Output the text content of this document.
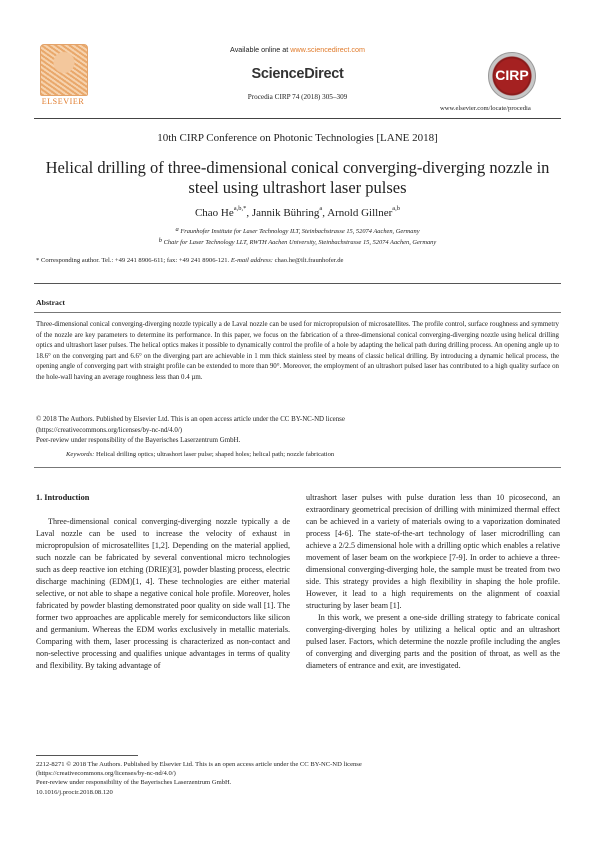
ELSEVIER
Available online at www.sciencedirect.com
ScienceDirect
Procedia CIRP 74 (2018) 305–309
CIRP
www.elsevier.com/locate/procedia
10th CIRP Conference on Photonic Technologies [LANE 2018]
Helical drilling of three-dimensional conical converging-diverging nozzle in steel using ultrashort laser pulses
Chao $He^{a,b,*}$, Jannik Bühring$^a$, Arnold Gillner$^{a,b}$
$^a$ Fraunhofer Institute for Laser Technology ILT, Steinbachstrasse 15, 52074 Aachen, Germany
$^b$ Chair for Laser Technology LLT, RWTH Aachen University, Steinbachstrasse 15, 52074 Aachen, Germany
* Corresponding author. Tel.: +49 241 8906-611; fax: +49 241 8906-121. E-mail address: chao.he@ilt.fraunhofer.de
Abstract
Three-dimensional conical converging-diverging nozzle typically a de Laval nozzle can be used for micropropulsion of microsatellites. The profile control, surface roughness and symmetry of the nozzle are key parameters to determine its performance. In this paper, we focus on the fabrication of a three-dimensional conical converging-diverging nozzle using helical drilling optics and ultrashort laser pulses. The helical optics makes it possible to dynamically control the profile of a hole by adapting the helical path during drilling process. An opening angle up to 18.6° on the converging part and 6.6° on the diverging part are achievable in 1 mm thick stainless steel by means of classic helical drilling. By introducing a dynamic helical process, the opening angle of converging part with straight profile can be extended to more than 90°. Moreover, the employment of an ultrashort pulsed laser has contributed to a high quality surface on the hole-wall having an average roughness less than 0.4 µm.
© 2018 The Authors. Published by Elsevier Ltd. This is an open access article under the CC BY-NC-ND license
(https://creativecommons.org/licenses/by-nc-nd/4.0/)
Peer-review under responsibility of the Bayerisches Laserzentrum GmbH.
Keywords: Helical drilling optics; ultrashort laser pulse; shaped holes; helical path; nozzle fabrication
1. Introduction

Three-dimensional conical converging-diverging nozzle typically a de Laval nozzle can be used to increase the velocity of exhaust in micropropulsion of microsatellites [1,2]. Depending on the material applied, such nozzle can be fabricated by several conventional micro technologies such as deep reactive ion etching (DRIE)[3], powder blasting process, electric discharge machining (EDM)[1, 4]. These technologies are either material selective, or not able to shape a negative conical hole profile. Moreover, holes fabricated by powder blasting demonstrated poor quality on side wall [1]. The former two approaches are applicable merely for semiconductors like silicon and germanium. Whereas the EDM works exclusively in metallic materials. Comparing with them, laser processing is characterized as non-contact and non-selective processing and qualifies unique advantages in terms of quality and flexibility. By taking advantage of

ultrashort laser pulses with pulse duration less than 10 picosecond, an extraordinary geometrical precision of drilling with minimized thermal effect can be achieved in a variety of materials owing to a vaporization dominated process [4-6]. The state-of-the-art technology of laser microdrilling can achieve a 2/2.5 dimensional hole with a drilling optic which enables a relative movement of laser beam on the workpiece [7-9]. In order to achieve a three-dimensional converging-diverging hole, the sample must be treated from two side. This strategy provides a high flexibility in shaping the hole profile. However, it lead to a high requirements on the alignment of coaxial structuring by laser beam [1].

In this work, we present a one-side drilling strategy to fabricate conical converging-diverging holes by utilizing a helical optic and an ultrashort pulsed laser. Factors, which determine the nozzle profile including the angles of converging and diverging parts and the position of throat, as well as the diameters of entrance and exit, are investigated.

2212-8271 © 2018 The Authors. Published by Elsevier Ltd. This is an open access article under the CC BY-NC-ND license
(https://creativecommons.org/licenses/by-nc-nd/4.0/)
Peer-review under responsibility of the Bayerisches Laserzentrum GmbH.
10.1016/j.procir.2018.08.120
